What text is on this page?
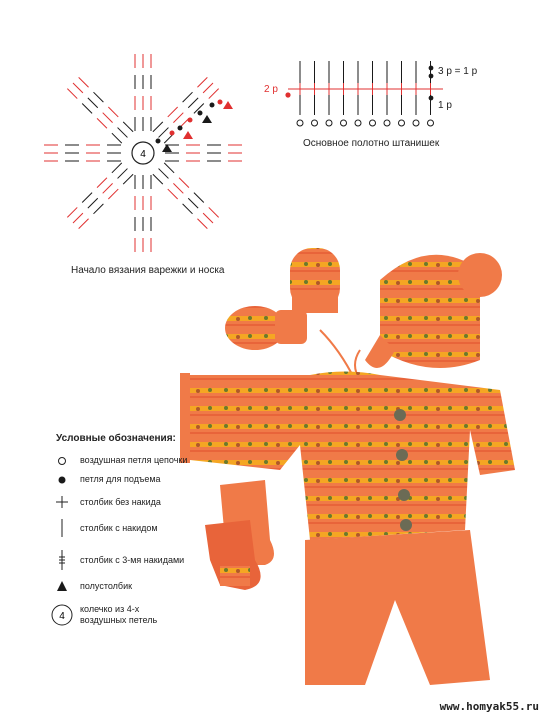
4
Начало вязания варежки и носка
2 р
3 р = 1 р
1 р
Основное полотно штанишек
Условные обозначения:
воздушная петля цепочки
петля для подъема
столбик без накида
столбик с накидом
столбик с 3-мя накидами
полустолбик
4
колечко из 4-х
воздушных петель
www.homyak55.ru
